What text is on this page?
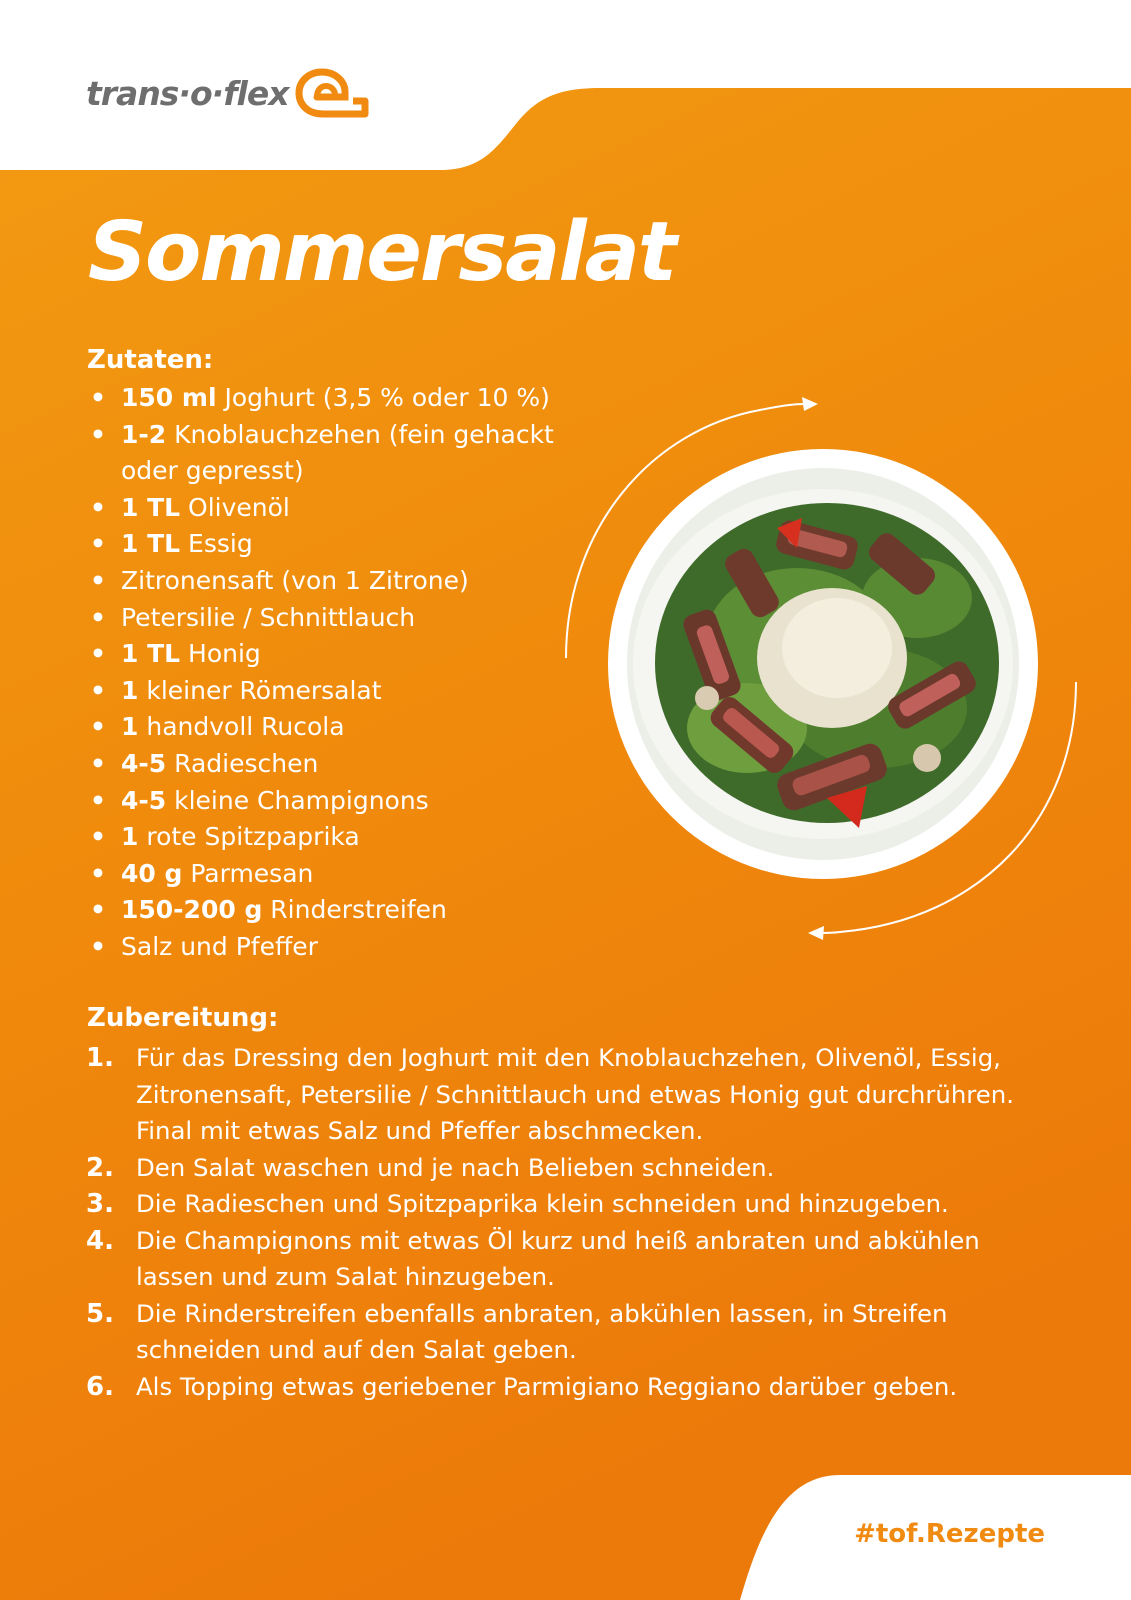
trans·o·flex
Sommersalat
Zutaten:
• 150 ml Joghurt (3,5 % oder 10 %)
• 1-2 Knoblauchzehen (fein gehackt oder gepresst)
• 1 TL Olivenöl
• 1 TL Essig
• Zitronensaft (von 1 Zitrone)
• Petersilie / Schnittlauch
• 1 TL Honig
• 1 kleiner Römersalat
• 1 handvoll Rucola
• 4-5 Radieschen
• 4-5 kleine Champignons
• 1 rote Spitzpaprika
• 40 g Parmesan
• 150-200 g Rinderstreifen
• Salz und Pfeffer
Zubereitung:
1. Für das Dressing den Joghurt mit den Knoblauchzehen, Olivenöl, Essig, Zitronensaft, Petersilie / Schnittlauch und etwas Honig gut durchrühren. Final mit etwas Salz und Pfeffer abschmecken.
2. Den Salat waschen und je nach Belieben schneiden.
3. Die Radieschen und Spitzpaprika klein schneiden und hinzugeben.
4. Die Champignons mit etwas Öl kurz und heiß anbraten und abkühlen lassen und zum Salat hinzugeben.
5. Die Rinderstreifen ebenfalls anbraten, abkühlen lassen, in Streifen schneiden und auf den Salat geben.
6. Als Topping etwas geriebener Parmigiano Reggiano darüber geben.
#tof.Rezepte
